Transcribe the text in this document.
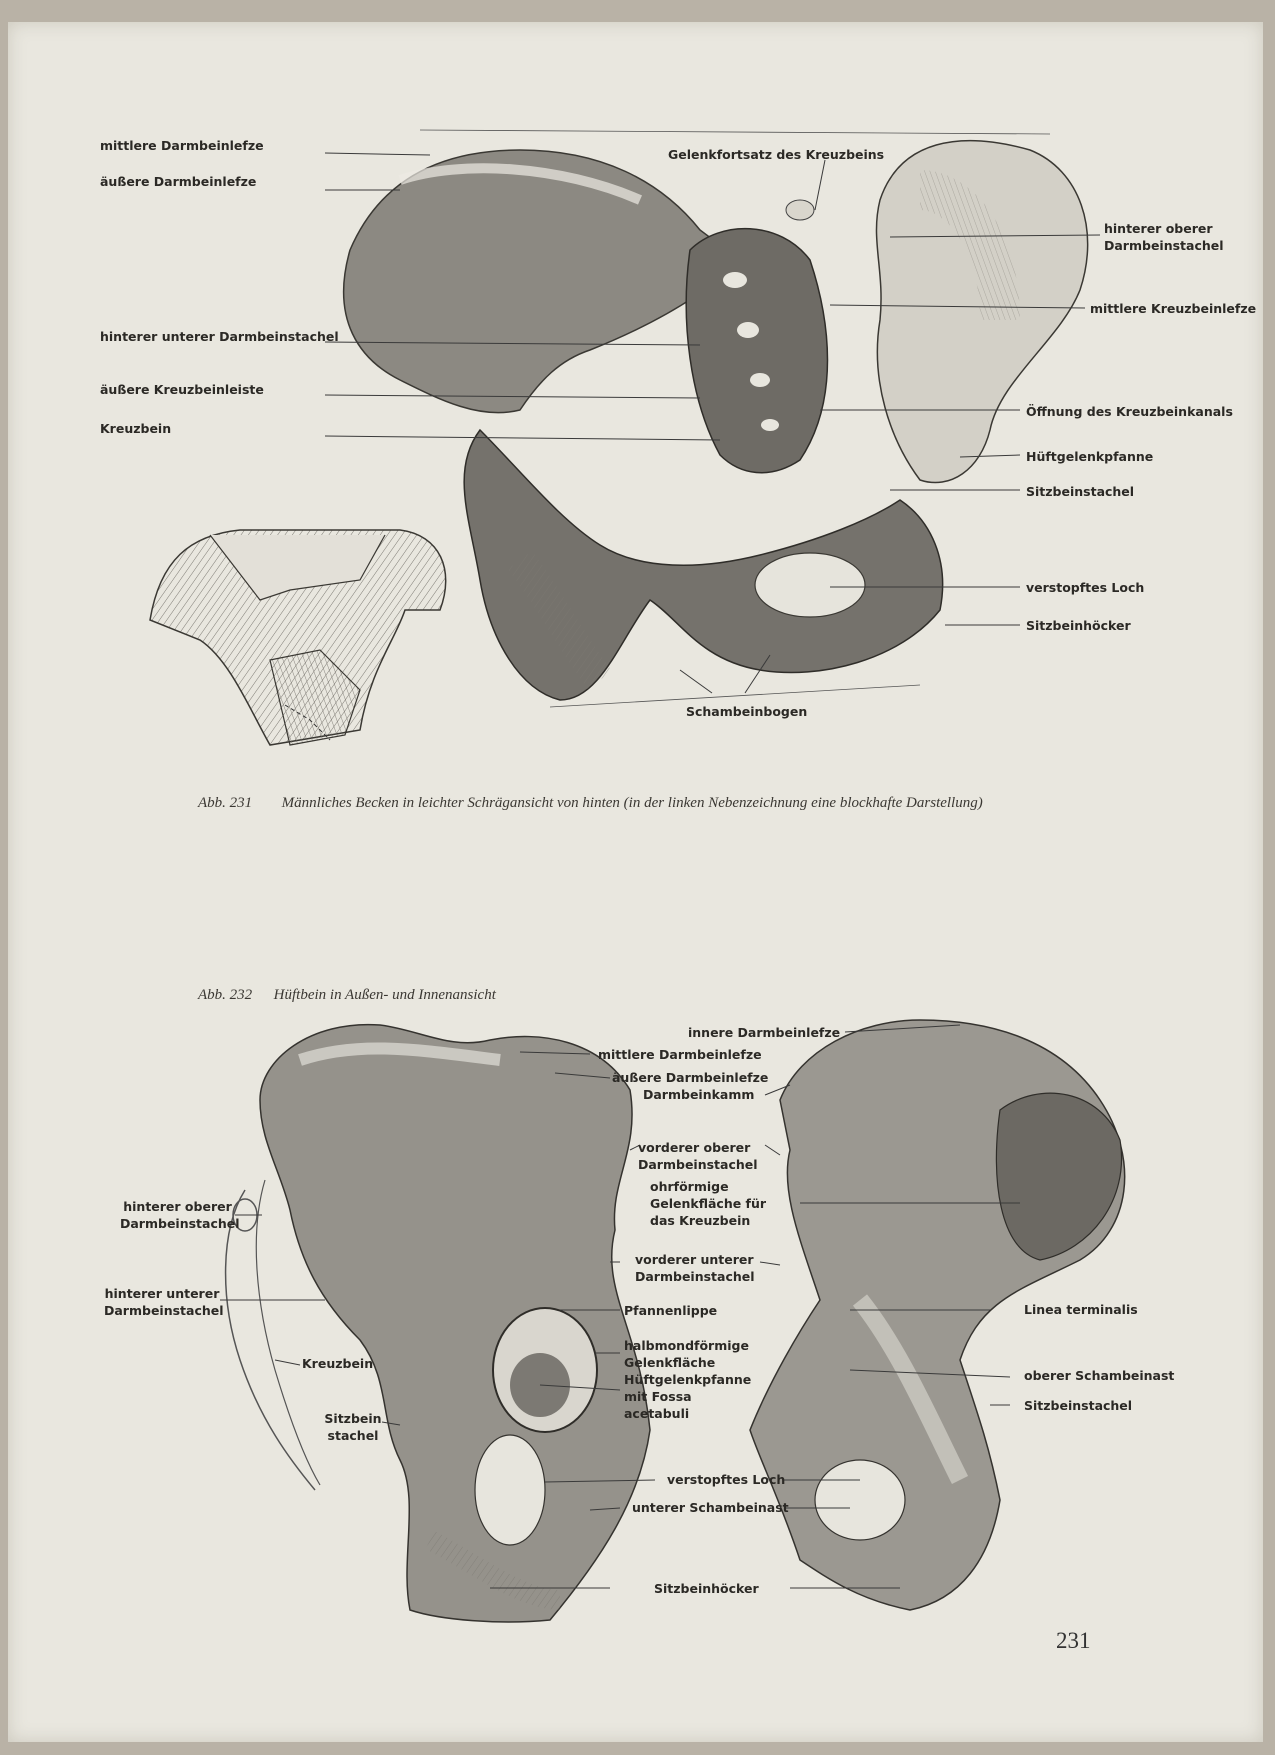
mittlere Darmbeinlefze
äußere Darmbeinlefze
Gelenkfortsatz des Kreuzbeins
hinterer oberer Darmbeinstachel
mittlere Kreuzbeinlefze
hinterer unterer Darmbeinstachel
äußere Kreuzbeinleiste
Kreuzbein
Öffnung des Kreuzbeinkanals
Hüftgelenkpfanne
Sitzbeinstachel
verstopftes Loch
Sitzbeinhöcker
Schambeinbogen
Abb. 231 Männliches Becken in leichter Schrägansicht von hinten (in der linken Nebenzeichnung eine blockhafte Darstellung)
Abb. 232 Hüftbein in Außen- und Innenansicht
innere Darmbeinlefze
mittlere Darmbeinlefze
äußere Darmbeinlefze
Darmbeinkamm
vorderer oberer Darmbeinstachel
ohrförmige Gelenkfläche für das Kreuzbein
hinterer oberer Darmbeinstachel
vorderer unterer Darmbeinstachel
hinterer unterer Darmbeinstachel	Pfannenlippe	Linea terminalis
halbmondförmige Gelenkfläche
Hüftgelenkpfanne mit Fossa acetabuli
Kreuzbein
oberer Schambeinast
Sitzbeinstachel
Sitzbein stachel
verstopftes Loch
unterer Schambeinast
Sitzbeinhöcker
231
